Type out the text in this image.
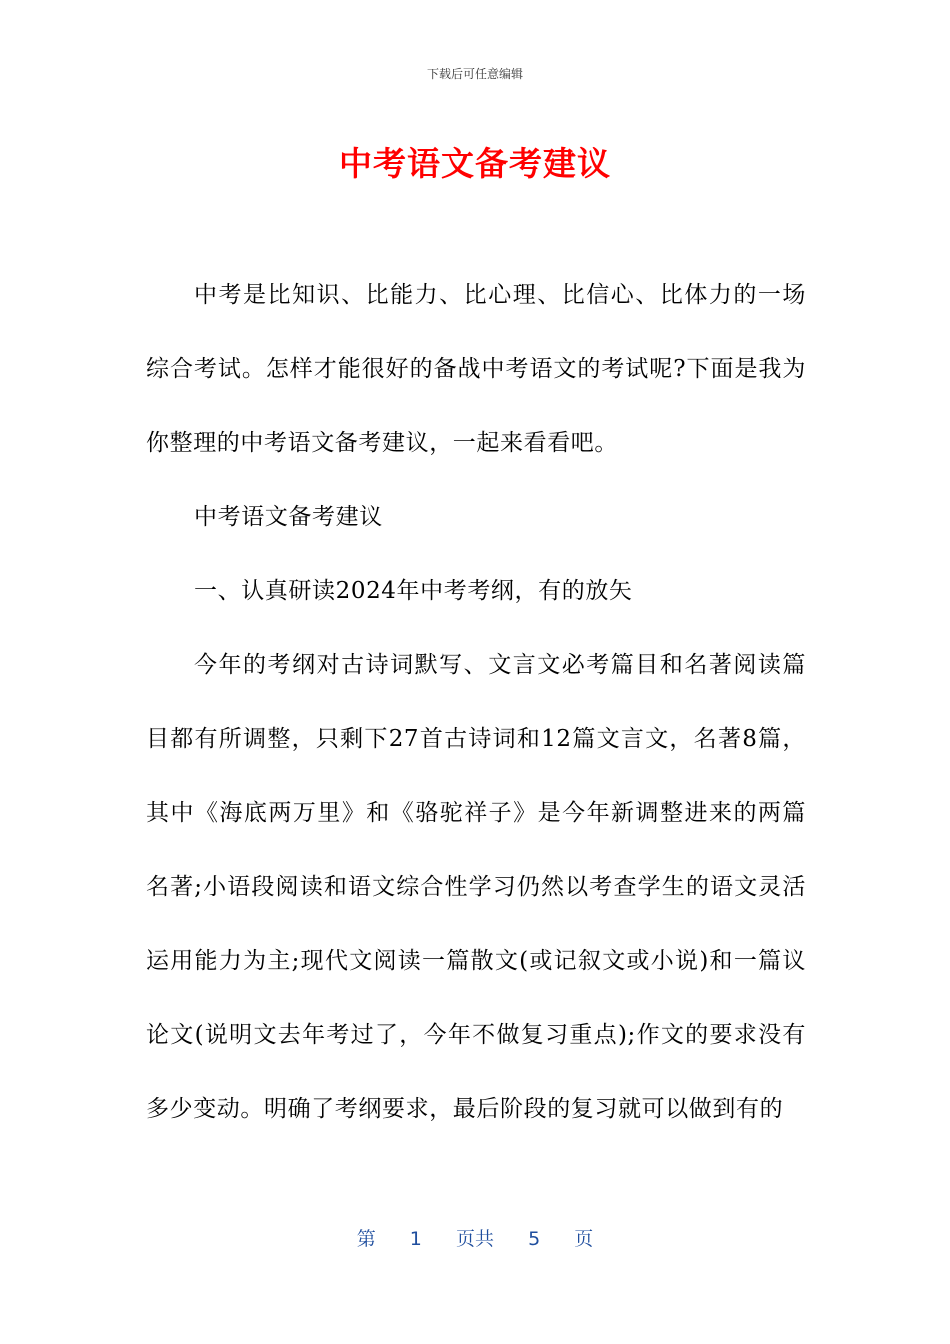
下载后可任意编辑
中考语文备考建议

中考是比知识、比能力、比心理、比信心、比体力的一场综合考试。怎样才能很好的备战中考语文的考试呢?下面是我为你整理的中考语文备考建议，一起来看看吧。

中考语文备考建议

一、认真研读2024年中考考纲，有的放矢

今年的考纲对古诗词默写、文言文必考篇目和名著阅读篇目都有所调整，只剩下27首古诗词和12篇文言文，名著8篇，其中《海底两万里》和《骆驼祥子》是今年新调整进来的两篇名著;小语段阅读和语文综合性学习仍然以考查学生的语文灵活运用能力为主;现代文阅读一篇散文(或记叙文或小说)和一篇议论文(说明文去年考过了，今年不做复习重点);作文的要求没有多少变动。明确了考纲要求，最后阶段的复习就可以做到有的

第 1 页共 5 页
